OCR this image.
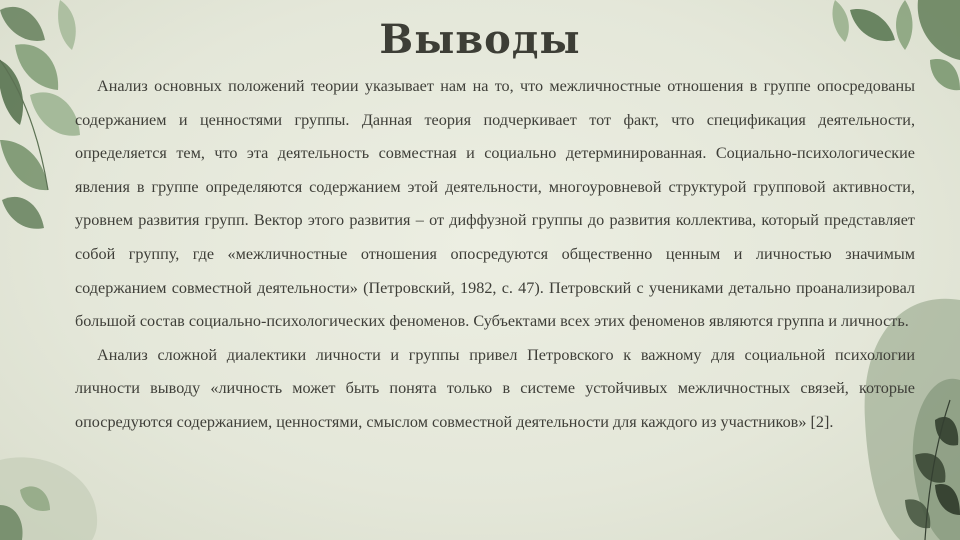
Выводы

Анализ основных положений теории указывает нам на то, что межличностные отношения в группе опосредованы содержанием и ценностями группы. Данная теория подчеркивает тот факт, что спецификация деятельности, определяется тем, что эта деятельность совместная и социально детерминированная. Социально-психологические явления в группе определяются содержанием этой деятельности, многоуровневой структурой групповой активности, уровнем развития групп. Вектор этого развития – от диффузной группы до развития коллектива, который представляет собой группу, где «межличностные отношения опосредуются общественно ценным и личностью значимым содержанием совместной деятельности» (Петровский, 1982, с. 47). Петровский с учениками детально проанализировал большой состав социально-психологических феноменов. Субъектами всех этих феноменов являются группа и личность.

Анализ сложной диалектики личности и группы привел Петровского к важному для социальной психологии личности выводу «личность может быть понята только в системе устойчивых межличностных связей, которые опосредуются содержанием, ценностями, смыслом совместной деятельности для каждого из участников» [2].
